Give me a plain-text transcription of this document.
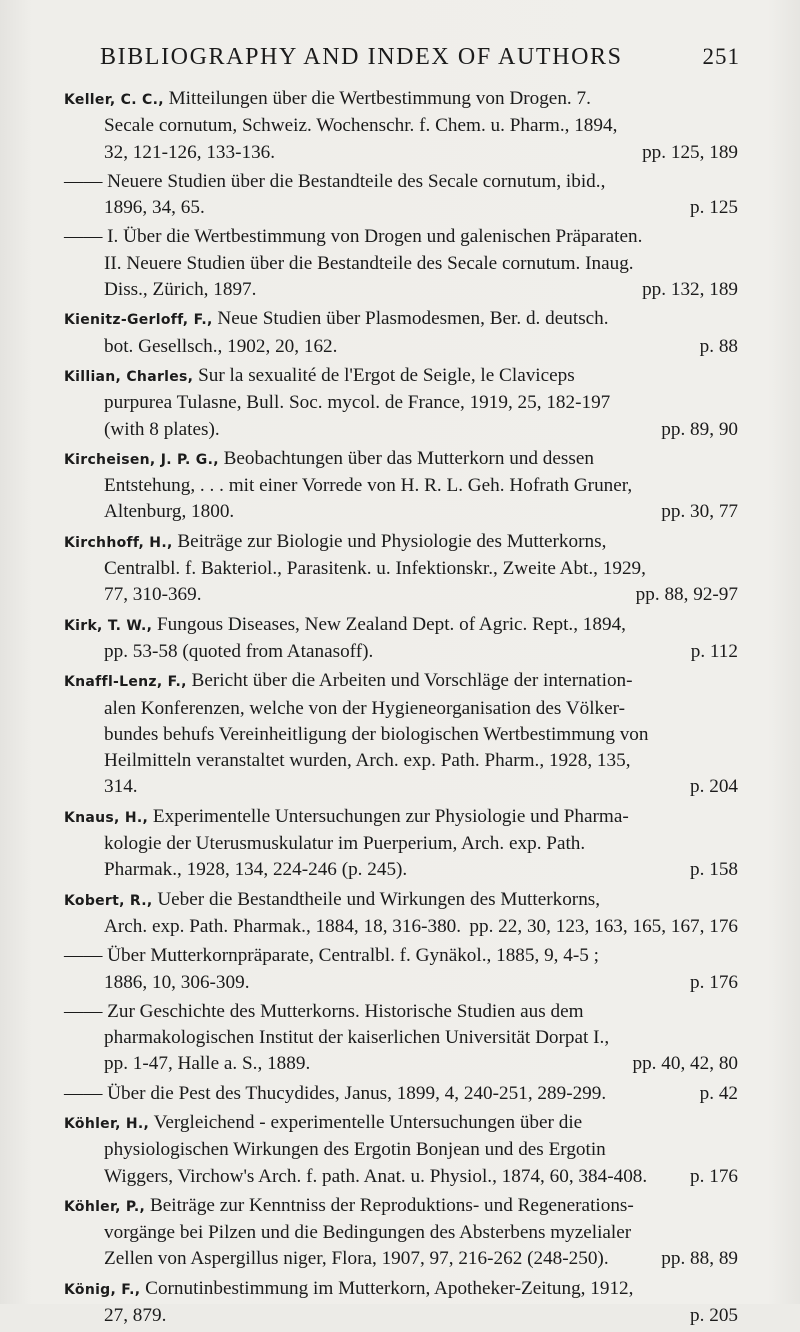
BIBLIOGRAPHY AND INDEX OF AUTHORS	251
Keller, C. C., Mitteilungen über die Wertbestimmung von Drogen. 7.
Secale cornutum, Schweiz. Wochenschr. f. Chem. u. Pharm., 1894,
32, 121-126, 133-136.	pp. 125, 189
—— Neuere Studien über die Bestandteile des Secale cornutum, ibid.,
1896, 34, 65.	p. 125
—— I. Über die Wertbestimmung von Drogen und galenischen Präparaten.
II. Neuere Studien über die Bestandteile des Secale cornutum. Inaug.
Diss., Zürich, 1897.	pp. 132, 189
Kienitz-Gerloff, F., Neue Studien über Plasmodesmen, Ber. d. deutsch.
bot. Gesellsch., 1902, 20, 162.	p. 88
Killian, Charles, Sur la sexualité de l'Ergot de Seigle, le Claviceps
purpurea Tulasne, Bull. Soc. mycol. de France, 1919, 25, 182-197
(with 8 plates).	pp. 89, 90
Kircheisen, J. P. G., Beobachtungen über das Mutterkorn und dessen
Entstehung, . . . mit einer Vorrede von H. R. L. Geh. Hofrath Gruner,
Altenburg, 1800.	pp. 30, 77
Kirchhoff, H., Beiträge zur Biologie und Physiologie des Mutterkorns,
Centralbl. f. Bakteriol., Parasitenk. u. Infektionskr., Zweite Abt., 1929,
77, 310-369.	pp. 88, 92-97
Kirk, T. W., Fungous Diseases, New Zealand Dept. of Agric. Rept., 1894,
pp. 53-58 (quoted from Atanasoff).	p. 112
Knaffl-Lenz, F., Bericht über die Arbeiten und Vorschläge der internation-
alen Konferenzen, welche von der Hygieneorganisation des Völker-
bundes behufs Vereinheitligung der biologischen Wertbestimmung von
Heilmitteln veranstaltet wurden, Arch. exp. Path. Pharm., 1928, 135,
314.	p. 204
Knaus, H., Experimentelle Untersuchungen zur Physiologie und Pharma-
kologie der Uterusmuskulatur im Puerperium, Arch. exp. Path.
Pharmak., 1928, 134, 224-246 (p. 245).	p. 158
Kobert, R., Ueber die Bestandtheile und Wirkungen des Mutterkorns,
Arch. exp. Path. Pharmak., 1884, 18, 316-380. pp. 22, 30, 123, 163, 165, 167, 176
—— Über Mutterkornpräparate, Centralbl. f. Gynäkol., 1885, 9, 4-5 ;
1886, 10, 306-309.	p. 176
—— Zur Geschichte des Mutterkorns. Historische Studien aus dem
pharmakologischen Institut der kaiserlichen Universität Dorpat I.,
pp. 1-47, Halle a. S., 1889.	pp. 40, 42, 80
—— Über die Pest des Thucydides, Janus, 1899, 4, 240-251, 289-299.	p. 42
Köhler, H., Vergleichend - experimentelle Untersuchungen über die
physiologischen Wirkungen des Ergotin Bonjean und des Ergotin
Wiggers, Virchow's Arch. f. path. Anat. u. Physiol., 1874, 60, 384-408. p. 176
Köhler, P., Beiträge zur Kenntniss der Reproduktions- und Regenerations-
vorgänge bei Pilzen und die Bedingungen des Absterbens myzelialer
Zellen von Aspergillus niger, Flora, 1907, 97, 216-262 (248-250).	pp. 88, 89
König, F., Cornutinbestimmung im Mutterkorn, Apotheker-Zeitung, 1912,
27, 879.	p. 205
